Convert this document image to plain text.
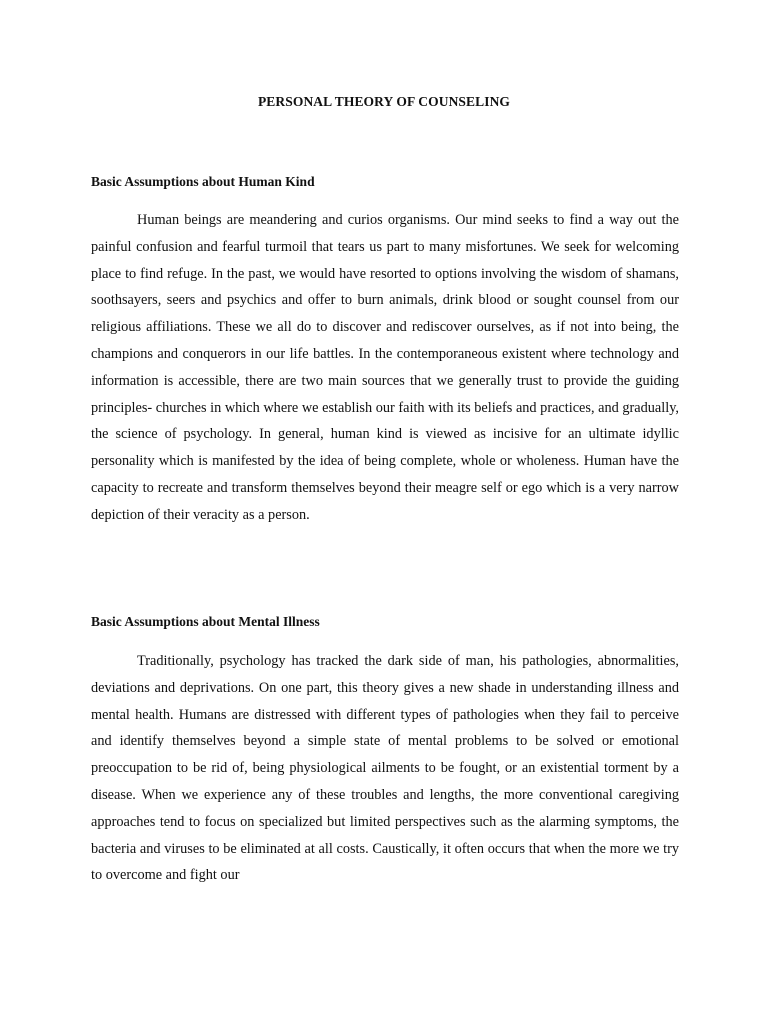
PERSONAL THEORY OF COUNSELING
Basic Assumptions about Human Kind

Human beings are meandering and curios organisms. Our mind seeks to find a way out the painful confusion and fearful turmoil that tears us part to many misfortunes. We seek for welcoming place to find refuge. In the past, we would have resorted to options involving the wisdom of shamans, soothsayers, seers and psychics and offer to burn animals, drink blood or sought counsel from our religious affiliations. These we all do to discover and rediscover ourselves, as if not into being, the champions and conquerors in our life battles. In the contemporaneous existent where technology and information is accessible, there are two main sources that we generally trust to provide the guiding principles- churches in which where we establish our faith with its beliefs and practices, and gradually, the science of psychology. In general, human kind is viewed as incisive for an ultimate idyllic personality which is manifested by the idea of being complete, whole or wholeness. Human have the capacity to recreate and transform themselves beyond their meagre self or ego which is a very narrow depiction of their veracity as a person.

Basic Assumptions about Mental Illness

Traditionally, psychology has tracked the dark side of man, his pathologies, abnormalities, deviations and deprivations. On one part, this theory gives a new shade in understanding illness and mental health. Humans are distressed with different types of pathologies when they fail to perceive and identify themselves beyond a simple state of mental problems to be solved or emotional preoccupation to be rid of, being physiological ailments to be fought, or an existential torment by a disease. When we experience any of these troubles and lengths, the more conventional caregiving approaches tend to focus on specialized but limited perspectives such as the alarming symptoms, the bacteria and viruses to be eliminated at all costs. Caustically, it often occurs that when the more we try to overcome and fight our
